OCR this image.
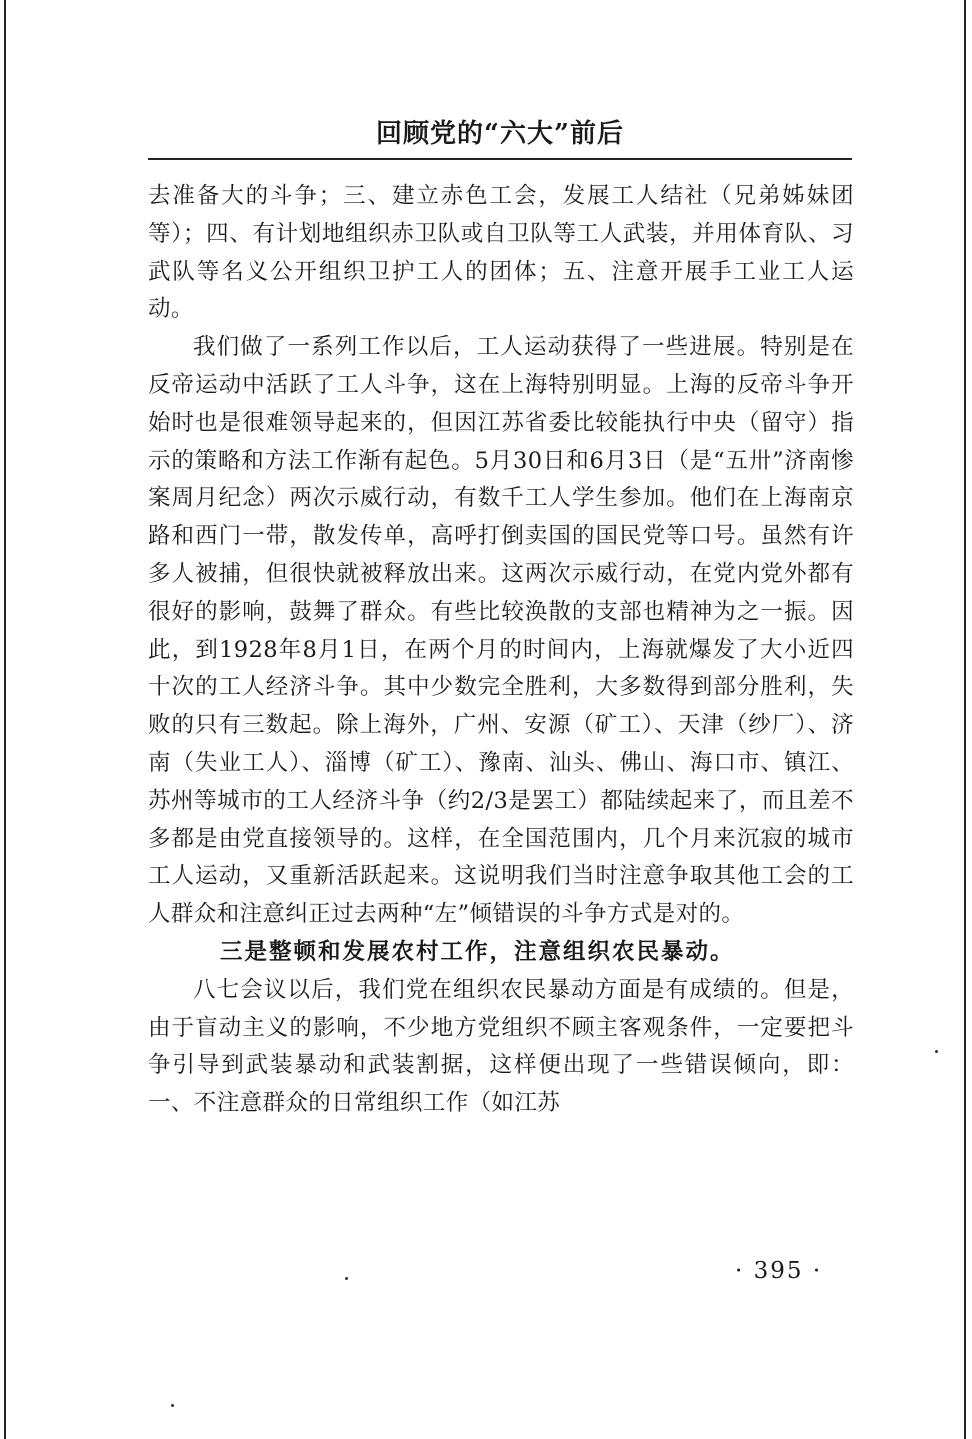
回顾党的“六大”前后

去准备大的斗争；三、建立赤色工会，发展工人结社（兄弟姊妹团等）；四、有计划地组织赤卫队或自卫队等工人武装，并用体育队、习武队等名义公开组织卫护工人的团体；五、注意开展手工业工人运动。

我们做了一系列工作以后，工人运动获得了一些进展。特别是在反帝运动中活跃了工人斗争，这在上海特别明显。上海的反帝斗争开始时也是很难领导起来的，但因江苏省委比较能执行中央（留守）指示的策略和方法工作渐有起色。5月30日和6月3日（是“五卅”济南惨案周月纪念）两次示威行动，有数千工人学生参加。他们在上海南京路和西门一带，散发传单，高呼打倒卖国的国民党等口号。虽然有许多人被捕，但很快就被释放出来。这两次示威行动，在党内党外都有很好的影响，鼓舞了群众。有些比较涣散的支部也精神为之一振。因此，到1928年8月1日，在两个月的时间内，上海就爆发了大小近四十次的工人经济斗争。其中少数完全胜利，大多数得到部分胜利，失败的只有三数起。除上海外，广州、安源（矿工）、天津（纱厂）、济南（失业工人）、淄博（矿工）、豫南、汕头、佛山、海口市、镇江、苏州等城市的工人经济斗争（约2/3是罢工）都陆续起来了，而且差不多都是由党直接领导的。这样，在全国范围内，几个月来沉寂的城市工人运动，又重新活跃起来。这说明我们当时注意争取其他工会的工人群众和注意纠正过去两种“左”倾错误的斗争方式是对的。

三是整顿和发展农村工作，注意组织农民暴动。

八七会议以后，我们党在组织农民暴动方面是有成绩的。但是，由于盲动主义的影响，不少地方党组织不顾主客观条件，一定要把斗争引导到武装暴动和武装割据，这样便出现了一些错误倾向，即：一、不注意群众的日常组织工作（如江苏

· 395 ·
